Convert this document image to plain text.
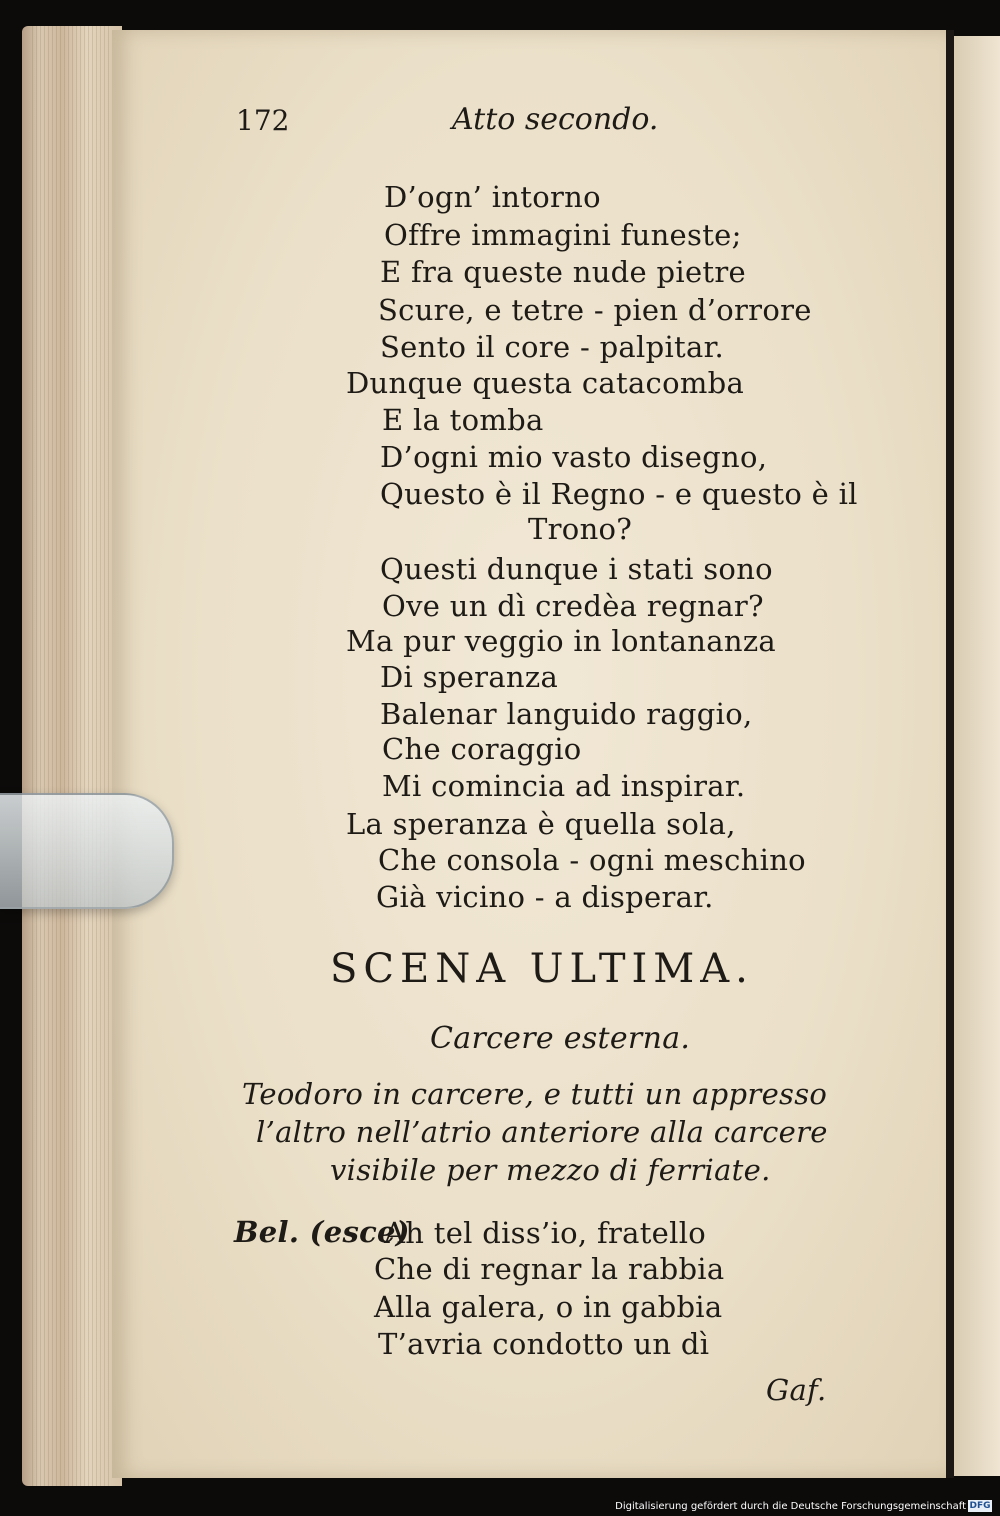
172	Atto secondo.
D’ogn’ intorno
Offre immagini funeste;
E fra queste nude pietre
Scure, e tetre - pien d’orrore
Sento il core - palpitar.
Dunque questa catacomba
E la tomba
D’ogni mio vasto disegno,
Questo è il Regno - e questo è il
Trono?
Questi dunque i stati sono
Ove un dì credèa regnar?
Ma pur veggio in lontananza
Di speranza
Balenar languido raggio,
Che coraggio
Mi comincia ad inspirar.
La speranza è quella sola,
Che consola - ogni meschino
Già vicino - a disperar.
SCENA ULTIMA.
Carcere esterna.
Teodoro in carcere, e tutti un appresso
l’altro nell’atrio anteriore alla carcere
visibile per mezzo di ferriate.
Bel. (esce)
Ah tel diss’io, fratello
Che di regnar la rabbia
Alla galera, o in gabbia
T’avria condotto un dì
Gaf.
Digitalisierung gefördert durch die Deutsche Forschungsgemeinschaft DFG
